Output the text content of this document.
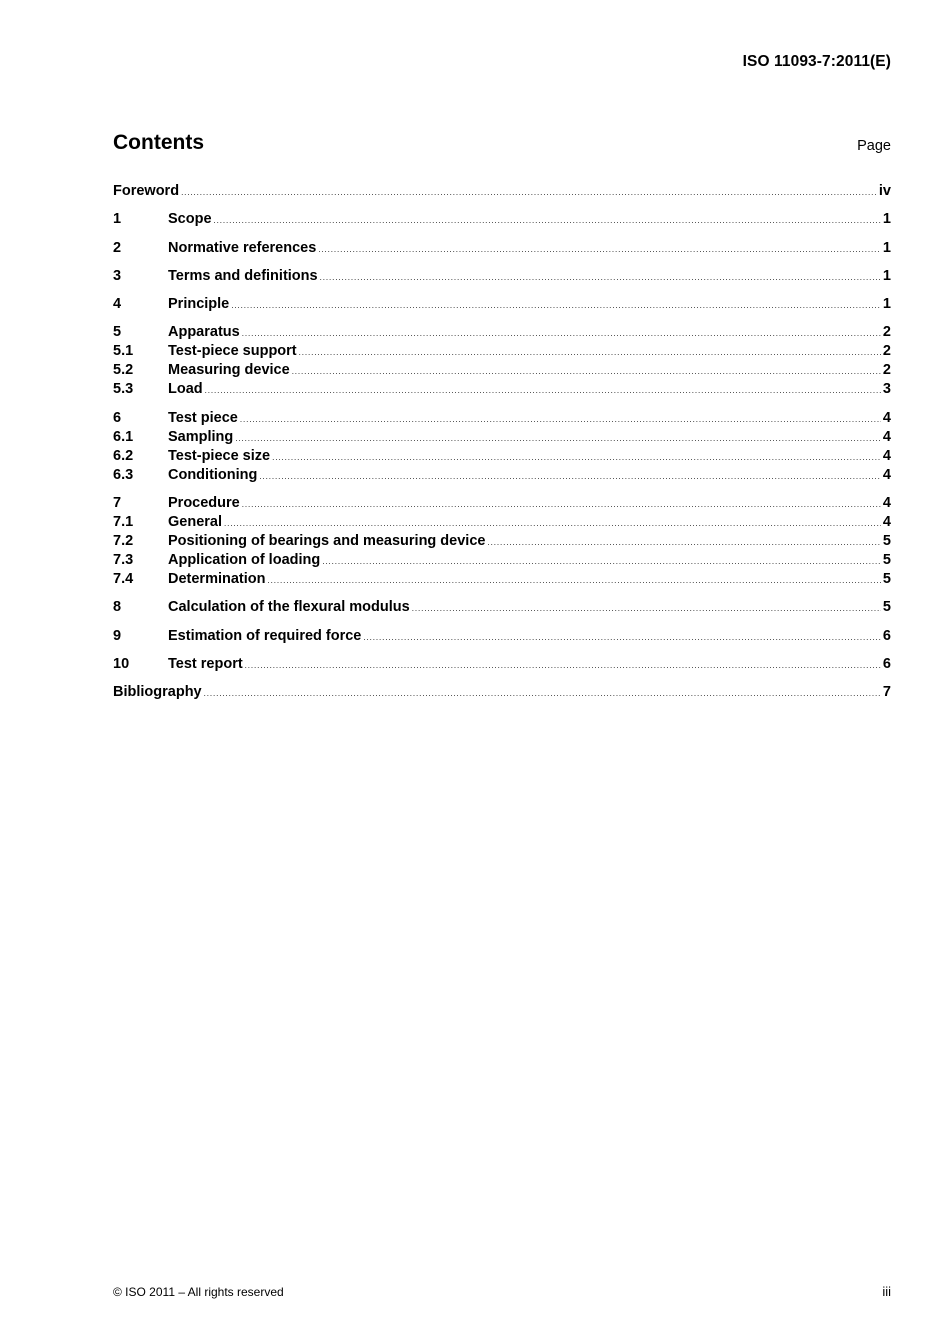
ISO 11093-7:2011(E)
Contents	Page
Foreword .....	iv
1	Scope .....	1
2	Normative references .....	1
3	Terms and definitions .....	1
4	Principle .....	1
5	Apparatus .....	2
5.1	Test-piece support .....	2
5.2	Measuring device .....	2
5.3	Load .....	3
6	Test piece .....	4
6.1	Sampling .....	4
6.2	Test-piece size .....	4
6.3	Conditioning .....	4
7	Procedure .....	4
7.1	General .....	4
7.2	Positioning of bearings and measuring device .....	5
7.3	Application of loading .....	5
7.4	Determination .....	5
8	Calculation of the flexural modulus .....	5
9	Estimation of required force .....	6
10	Test report .....	6
Bibliography .....	7
© ISO 2011 – All rights reserved	iii
